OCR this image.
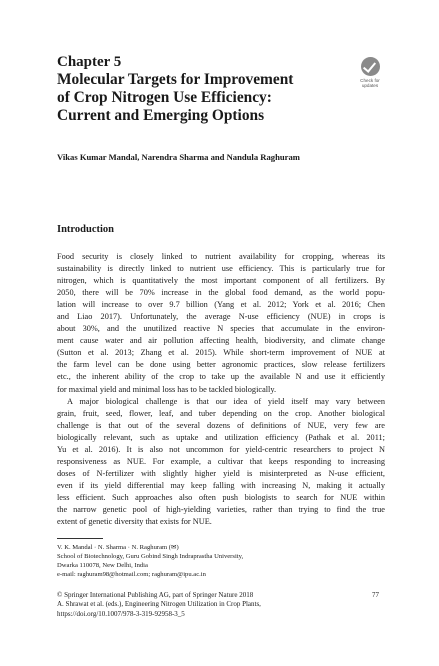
Chapter 5
Molecular Targets for Improvement
of Crop Nitrogen Use Efficiency:
Current and Emerging Options
Check for
updates
Vikas Kumar Mandal, Narendra Sharma and Nandula Raghuram
Introduction
Food security is closely linked to nutrient availability for cropping, whereas its
sustainability is directly linked to nutrient use efficiency. This is particularly true for
nitrogen, which is quantitatively the most important component of all fertilizers. By
2050, there will be 70% increase in the global food demand, as the world popu-
lation will increase to over 9.7 billion (Yang et al. 2012; York et al. 2016; Chen
and Liao 2017). Unfortunately, the average N-use efficiency (NUE) in crops is
about 30%, and the unutilized reactive N species that accumulate in the environ-
ment cause water and air pollution affecting health, biodiversity, and climate change
(Sutton et al. 2013; Zhang et al. 2015). While short-term improvement of NUE at
the farm level can be done using better agronomic practices, slow release fertilizers
etc., the inherent ability of the crop to take up the available N and use it efficiently
for maximal yield and minimal loss has to be tackled biologically.
A major biological challenge is that our idea of yield itself may vary between
grain, fruit, seed, flower, leaf, and tuber depending on the crop. Another biological
challenge is that out of the several dozens of definitions of NUE, very few are
biologically relevant, such as uptake and utilization efficiency (Pathak et al. 2011;
Yu et al. 2016). It is also not uncommon for yield-centric researchers to project N
responsiveness as NUE. For example, a cultivar that keeps responding to increasing
doses of N-fertilizer with slightly higher yield is misinterpreted as N-use efficient,
even if its yield differential may keep falling with increasing N, making it actually
less efficient. Such approaches also often push biologists to search for NUE within
the narrow genetic pool of high-yielding varieties, rather than trying to find the true
extent of genetic diversity that exists for NUE.
V. K. Mandal · N. Sharma · N. Raghuram (✉)
School of Biotechnology, Guru Gobind Singh Indraprastha University,
Dwarka 110078, New Delhi, India
e-mail: raghuram98@hotmail.com; raghuram@ipu.ac.in
© Springer International Publishing AG, part of Springer Nature 2018
A. Shrawat et al. (eds.), Engineering Nitrogen Utilization in Crop Plants,
https://doi.org/10.1007/978-3-319-92958-3_5
77
